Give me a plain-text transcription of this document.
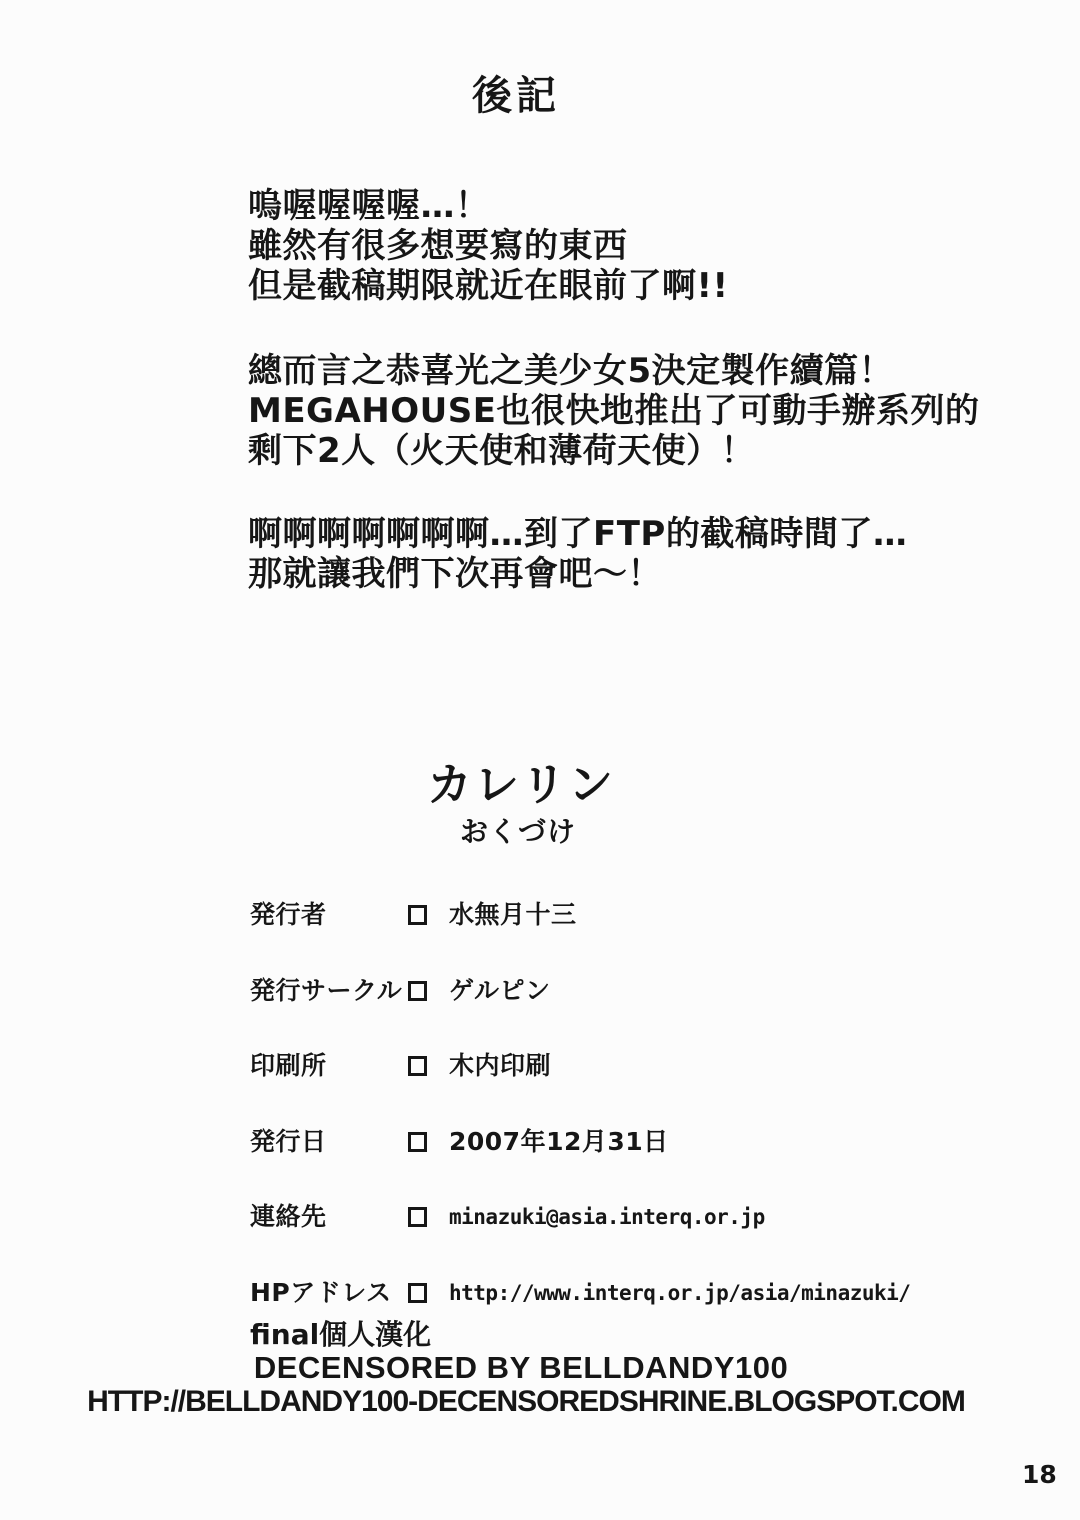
後記
嗚喔喔喔喔…！
雖然有很多想要寫的東西
但是截稿期限就近在眼前了啊!!
總而言之恭喜光之美少女5決定製作續篇！
MEGAHOUSE也很快地推出了可動手辦系列的
剩下2人（火天使和薄荷天使）！
啊啊啊啊啊啊啊…到了FTP的截稿時間了…
那就讓我們下次再會吧～！
カレリン
おくづけ
発行者	水無月十三
発行サークル ゲルピン
印刷所	木内印刷
発行日	2007年12月31日
連絡先	minazuki@asia.interq.or.jp
HPアドレス	http://www.interq.or.jp/asia/minazuki/
final個人漢化
DECENSORED BY BELLDANDY100
HTTP://BELLDANDY100-DECENSOREDSHRINE.BLOGSPOT.COM
18
